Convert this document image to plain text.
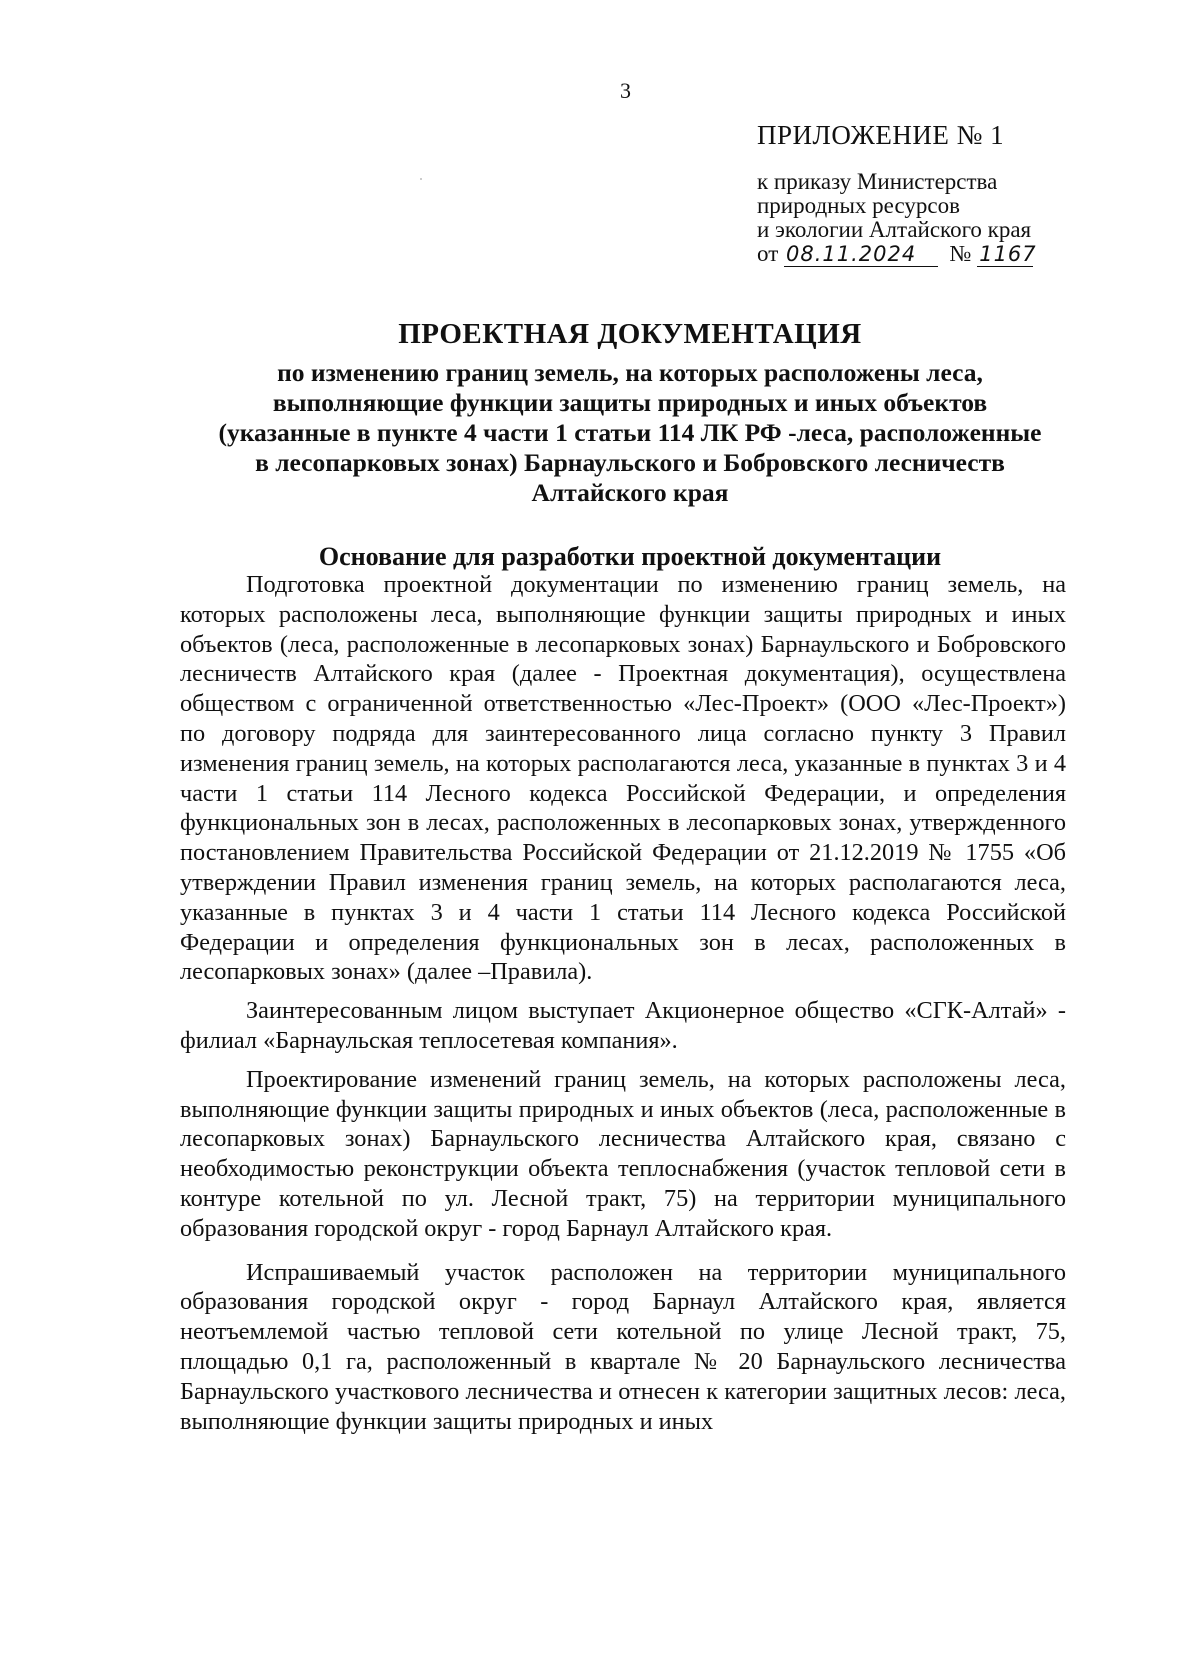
3
ПРИЛОЖЕНИЕ № 1
к приказу Министерства
природных ресурсов
и экологии Алтайского края
от 08.11.2024 № 1167
ПРОЕКТНАЯ ДОКУМЕНТАЦИЯ
по изменению границ земель, на которых расположены леса,
выполняющие функции защиты природных и иных объектов
(указанные в пункте 4 части 1 статьи 114 ЛК РФ -леса, расположенные
в лесопарковых зонах) Барнаульского и Бобровского лесничеств
Алтайского края
Основание для разработки проектной документации

Подготовка проектной документации по изменению границ земель, на которых расположены леса, выполняющие функции защиты природных и иных объектов (леса, расположенные в лесопарковых зонах) Барнаульского и Бобровского лесничеств Алтайского края (далее - Проектная документация), осуществлена обществом с ограниченной ответственностью «Лес-Проект» (ООО «Лес-Проект») по договору подряда для заинтересованного лица согласно пункту 3 Правил изменения границ земель, на которых располагаются леса, указанные в пунктах 3 и 4 части 1 статьи 114 Лесного кодекса Российской Федерации, и определения функциональных зон в лесах, расположенных в лесопарковых зонах, утвержденного постановлением Правительства Российской Федерации от 21.12.2019 № 1755 «Об утверждении Правил изменения границ земель, на которых располагаются леса, указанные в пунктах 3 и 4 части 1 статьи 114 Лесного кодекса Российской Федерации и определения функциональных зон в лесах, расположенных в лесопарковых зонах» (далее –Правила).

Заинтересованным лицом выступает Акционерное общество «СГК-Алтай» - филиал «Барнаульская теплосетевая компания».

Проектирование изменений границ земель, на которых расположены леса, выполняющие функции защиты природных и иных объектов (леса, расположенные в лесопарковых зонах) Барнаульского лесничества Алтайского края, связано с необходимостью реконструкции объекта теплоснабжения (участок тепловой сети в контуре котельной по ул. Лесной тракт, 75) на территории муниципального образования городской округ - город Барнаул Алтайского края.

Испрашиваемый участок расположен на территории муниципального образования городской округ - город Барнаул Алтайского края, является неотъемлемой частью тепловой сети котельной по улице Лесной тракт, 75, площадью 0,1 га, расположенный в квартале № 20 Барнаульского лесничества Барнаульского участкового лесничества и отнесен к категории защитных лесов: леса, выполняющие функции защиты природных и иных
